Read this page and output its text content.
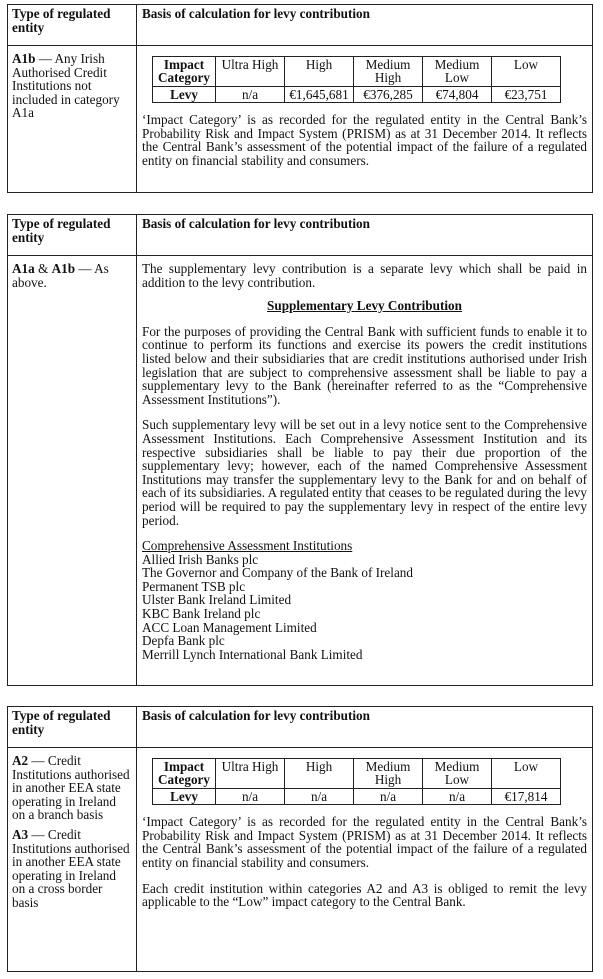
Type of regulated entity
Basis of calculation for levy contribution
A1b — Any Irish Authorised Credit Institutions not included in category A1a
Impact Category	Ultra High	High	Medium High	Medium Low	Low
Levy	n/a	€1,645,681	€376,285	€74,804	€23,751

‘Impact Category’ is as recorded for the regulated entity in the Central Bank’s Probability Risk and Impact System (PRISM) as at 31 December 2014. It reflects the Central Bank’s assessment of the potential impact of the failure of a regulated entity on financial stability and consumers.

Type of regulated entity
Basis of calculation for levy contribution
A1a & A1b — As above.

The supplementary levy contribution is a separate levy which shall be paid in addition to the levy contribution.

Supplementary Levy Contribution

For the purposes of providing the Central Bank with sufficient funds to enable it to continue to perform its functions and exercise its powers the credit institutions listed below and their subsidiaries that are credit institutions authorised under Irish legislation that are subject to comprehensive assessment shall be liable to pay a supplementary levy to the Bank (hereinafter referred to as the “Comprehensive Assessment Institutions”).

Such supplementary levy will be set out in a levy notice sent to the Comprehensive Assessment Institutions. Each Comprehensive Assessment Institution and its respective subsidiaries shall be liable to pay their due proportion of the supplementary levy; however, each of the named Comprehensive Assessment Institutions may transfer the supplementary levy to the Bank for and on behalf of each of its subsidiaries. A regulated entity that ceases to be regulated during the levy period will be required to pay the supplementary levy in respect of the entire levy period.

Comprehensive Assessment Institutions
Allied Irish Banks plc
The Governor and Company of the Bank of Ireland
Permanent TSB plc
Ulster Bank Ireland Limited
KBC Bank Ireland plc
ACC Loan Management Limited
Depfa Bank plc
Merrill Lynch International Bank Limited
Type of regulated entity
Basis of calculation for levy contribution
A2 — Credit Institutions authorised in another EEA state operating in Ireland on a branch basis
A3 — Credit Institutions authorised in another EEA state operating in Ireland on a cross border basis
Impact Category	Ultra High	High	Medium High	Medium Low	Low
Levy	n/a	n/a	n/a	n/a	€17,814

‘Impact Category’ is as recorded for the regulated entity in the Central Bank’s Probability Risk and Impact System (PRISM) as at 31 December 2014. It reflects the Central Bank’s assessment of the potential impact of the failure of a regulated entity on financial stability and consumers.

Each credit institution within categories A2 and A3 is obliged to remit the levy applicable to the “Low” impact category to the Central Bank.
